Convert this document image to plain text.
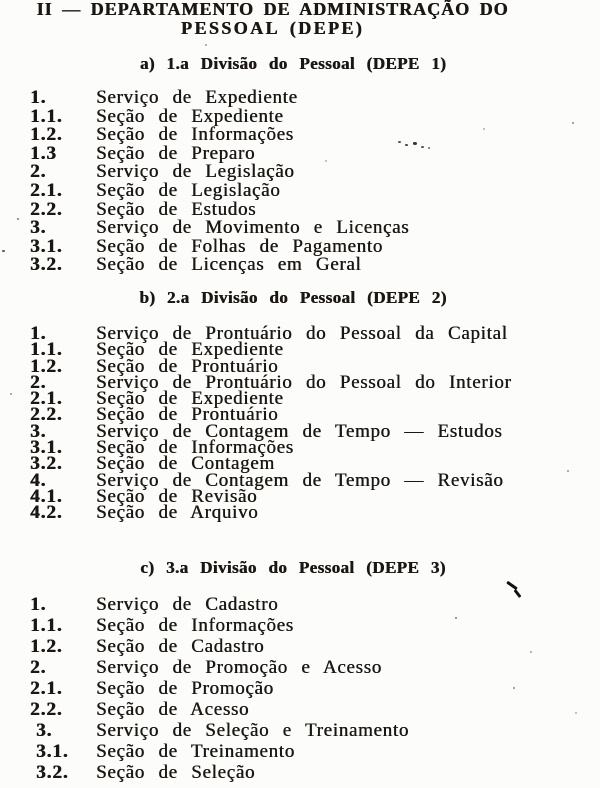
II — DEPARTAMENTO DE ADMINISTRAÇÃO DO
PESSOAL (DEPE)
a) 1.a Divisão do Pessoal (DEPE 1)
1.	Serviço de Expediente
1.1.	Seção de Expediente
1.2.	Seção de Informações
1.3	Seção de Preparo
2.	Serviço de Legislação
2.1.	Seção de Legislação
2.2.	Seção de Estudos
3.	Serviço de Movimento e Licenças
3.1.	Seção de Folhas de Pagamento
3.2.	Seção de Licenças em Geral
b) 2.a Divisão do Pessoal (DEPE 2)
1.	Serviço de Prontuário do Pessoal da Capital
1.1.	Seção de Expediente
1.2.	Seção de Prontuário
2.	Serviço de Prontuário do Pessoal do Interior
2.1.	Seção de Expediente
2.2.	Seção de Prontuário
3.	Serviço de Contagem de Tempo — Estudos
3.1.	Seção de Informações
3.2.	Seção de Contagem
4.	Serviço de Contagem de Tempo — Revisão
4.1.	Seção de Revisão
4.2.	Seção de Arquivo
c) 3.a Divisão do Pessoal (DEPE 3)
1.	Serviço de Cadastro
1.1.	Seção de Informações
1.2.	Seção de Cadastro
2.	Serviço de Promoção e Acesso
2.1.	Seção de Promoção
2.2.	Seção de Acesso
3.	Serviço de Seleção e Treinamento
3.1.	Seção de Treinamento
3.2.	Seção de Seleção
